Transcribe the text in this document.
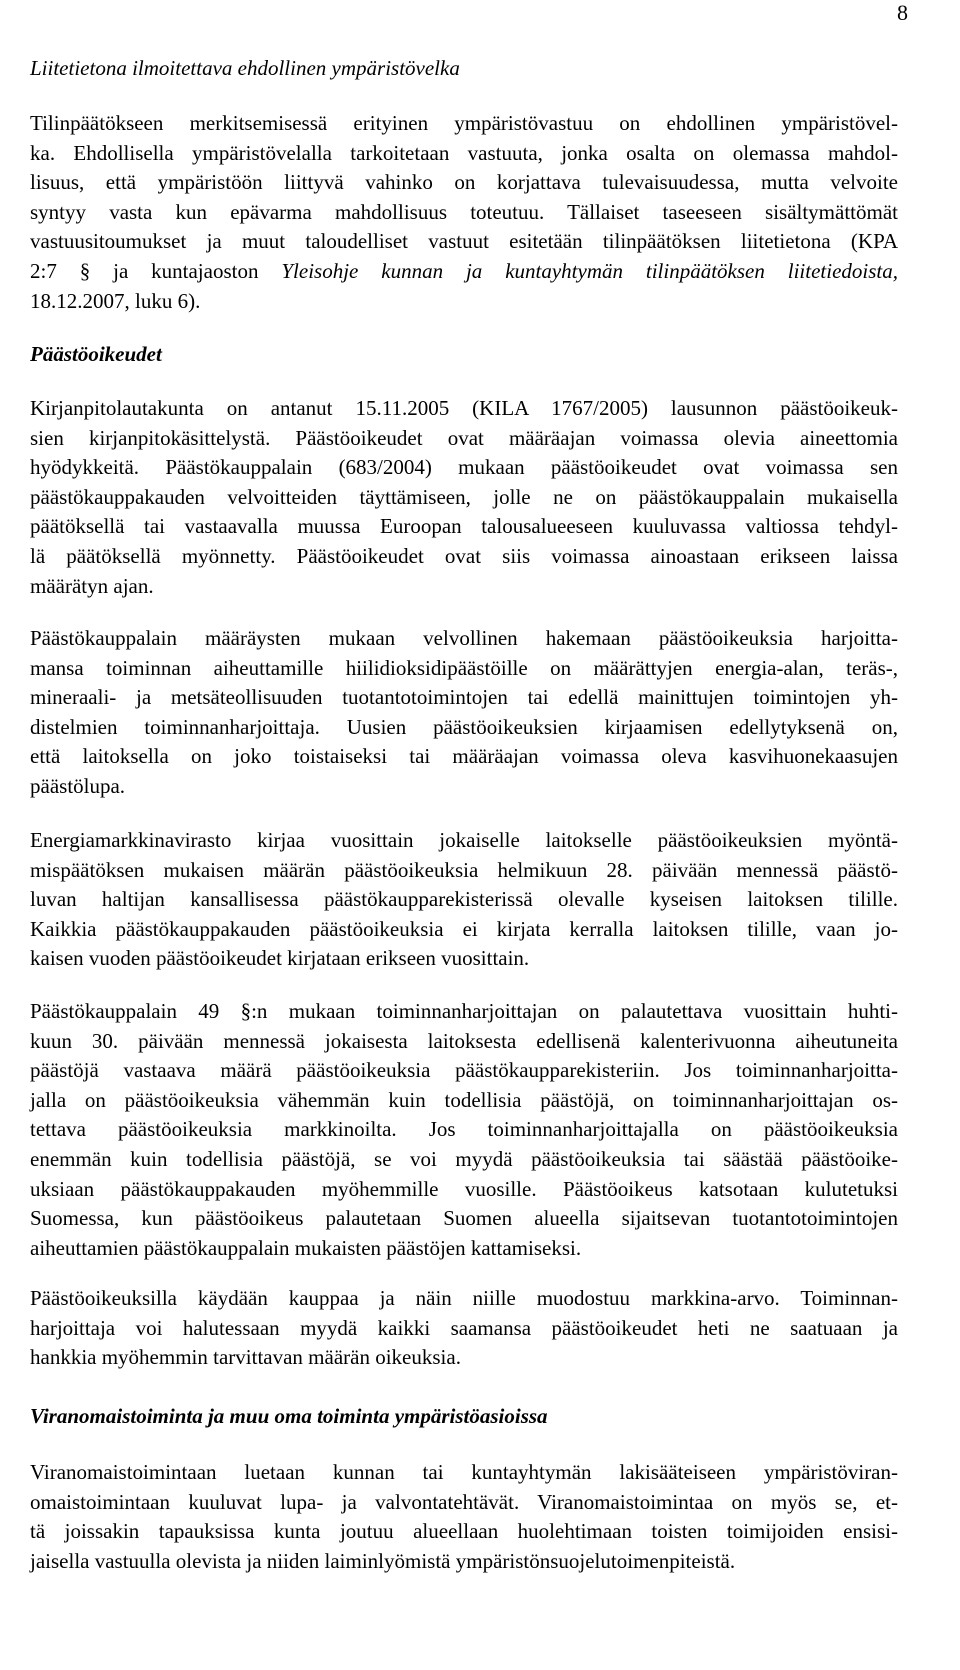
8
Liitetietona ilmoitettava ehdollinen ympäristövelka
Tilinpäätökseen merkitsemisessä erityinen ympäristövastuu on ehdollinen ympäristövel-
ka. Ehdollisella ympäristövelalla tarkoitetaan vastuuta, jonka osalta on olemassa mahdol-
lisuus, että ympäristöön liittyvä vahinko on korjattava tulevaisuudessa, mutta velvoite
syntyy vasta kun epävarma mahdollisuus toteutuu. Tällaiset taseeseen sisältymättömät
vastuusitoumukset ja muut taloudelliset vastuut esitetään tilinpäätöksen liitetietona (KPA
2:7 § ja kuntajaoston Yleisohje kunnan ja kuntayhtymän tilinpäätöksen liitetiedoista,
18.12.2007, luku 6).
Päästöoikeudet
Kirjanpitolautakunta on antanut 15.11.2005 (KILA 1767/2005) lausunnon päästöoikeuk-
sien kirjanpitokäsittelystä. Päästöoikeudet ovat määräajan voimassa olevia aineettomia
hyödykkeitä. Päästökauppalain (683/2004) mukaan päästöoikeudet ovat voimassa sen
päästökauppakauden velvoitteiden täyttämiseen, jolle ne on päästökauppalain mukaisella
päätöksellä tai vastaavalla muussa Euroopan talousalueeseen kuuluvassa valtiossa tehdyl-
lä päätöksellä myönnetty. Päästöoikeudet ovat siis voimassa ainoastaan erikseen laissa
määrätyn ajan.
Päästökauppalain määräysten mukaan velvollinen hakemaan päästöoikeuksia harjoitta-
mansa toiminnan aiheuttamille hiilidioksidipäästöille on määrättyjen energia-alan, teräs-,
mineraali- ja metsäteollisuuden tuotantotoimintojen tai edellä mainittujen toimintojen yh-
distelmien toiminnanharjoittaja. Uusien päästöoikeuksien kirjaamisen edellytyksenä on,
että laitoksella on joko toistaiseksi tai määräajan voimassa oleva kasvihuonekaasujen
päästölupa.
Energiamarkkinavirasto kirjaa vuosittain jokaiselle laitokselle päästöoikeuksien myöntä-
mispäätöksen mukaisen määrän päästöoikeuksia helmikuun 28. päivään mennessä päästö-
luvan haltijan kansallisessa päästökaupparekisterissä olevalle kyseisen laitoksen tilille.
Kaikkia päästökauppakauden päästöoikeuksia ei kirjata kerralla laitoksen tilille, vaan jo-
kaisen vuoden päästöoikeudet kirjataan erikseen vuosittain.
Päästökauppalain 49 §:n mukaan toiminnanharjoittajan on palautettava vuosittain huhti-
kuun 30. päivään mennessä jokaisesta laitoksesta edellisenä kalenterivuonna aiheutuneita
päästöjä vastaava määrä päästöoikeuksia päästökaupparekisteriin. Jos toiminnanharjoitta-
jalla on päästöoikeuksia vähemmän kuin todellisia päästöjä, on toiminnanharjoittajan os-
tettava päästöoikeuksia markkinoilta. Jos toiminnanharjoittajalla on päästöoikeuksia
enemmän kuin todellisia päästöjä, se voi myydä päästöoikeuksia tai säästää päästöoike-
uksiaan päästökauppakauden myöhemmille vuosille. Päästöoikeus katsotaan kulutetuksi
Suomessa, kun päästöoikeus palautetaan Suomen alueella sijaitsevan tuotantotoimintojen
aiheuttamien päästökauppalain mukaisten päästöjen kattamiseksi.
Päästöoikeuksilla käydään kauppaa ja näin niille muodostuu markkina-arvo. Toiminnan-
harjoittaja voi halutessaan myydä kaikki saamansa päästöoikeudet heti ne saatuaan ja
hankkia myöhemmin tarvittavan määrän oikeuksia.
Viranomaistoiminta ja muu oma toiminta ympäristöasioissa
Viranomaistoimintaan luetaan kunnan tai kuntayhtymän lakisääteiseen ympäristöviran-
omaistoimintaan kuuluvat lupa- ja valvontatehtävät. Viranomaistoimintaa on myös se, et-
tä joissakin tapauksissa kunta joutuu alueellaan huolehtimaan toisten toimijoiden ensisi-
jaisella vastuulla olevista ja niiden laiminlyömistä ympäristönsuojelutoimenpiteistä.
